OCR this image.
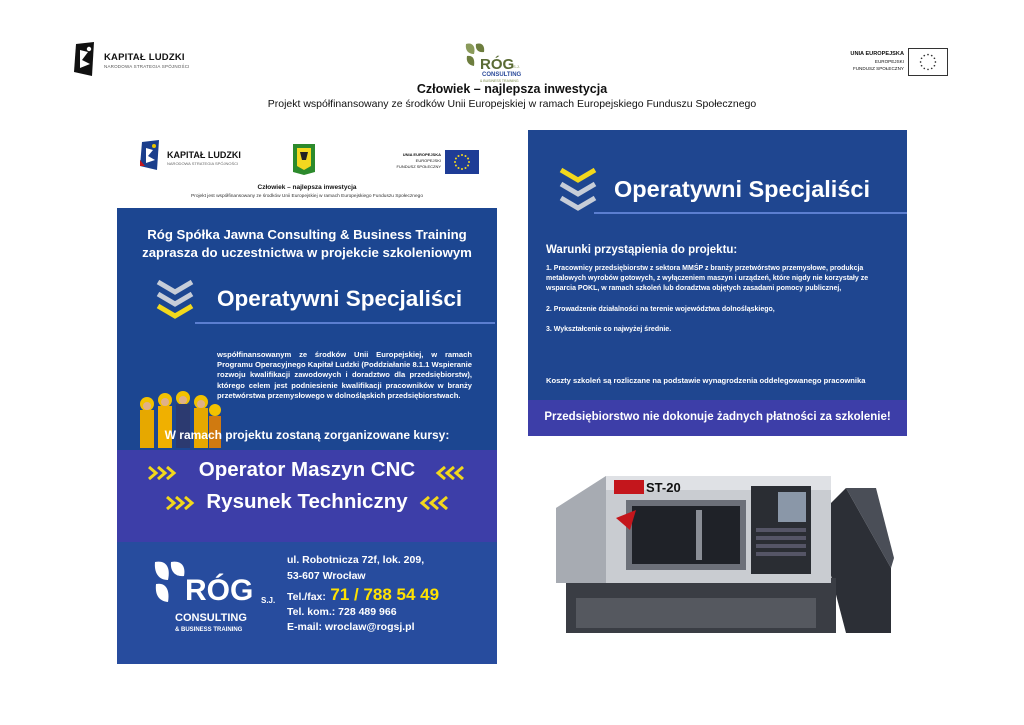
KAPITAŁ LUDZKI
NARODOWA STRATEGIA SPÓJNOŚCI	RÓG
S.J.
CONSULTING
& BUSINESS TRAINING
UNIA EUROPEJSKA
EUROPEJSKI
FUNDUSZ SPOŁECZNY
Człowiek – najlepsza inwestycja
Projekt współfinansowany ze środków Unii Europejskiej w ramach Europejskiego Funduszu Społecznego
KAPITAŁ LUDZKI
NARODOWA STRATEGIA SPÓJNOŚCI
UNIA EUROPEJSKA
EUROPEJSKI
FUNDUSZ SPOŁECZNY
Człowiek – najlepsza inwestycja
Projekt jest współfinansowany ze środków Unii Europejskiej w ramach Europejskiego Funduszu Społecznego
Róg Spółka Jawna Consulting & Business Training
zaprasza do uczestnictwa w projekcie szkoleniowym
Operatywni Specjaliści
współfinansowanym ze środków Unii Europejskiej, w ramach Programu Operacyjnego Kapitał Ludzki (Poddziałanie 8.1.1 Wspieranie rozwoju kwalifikacji zawodowych i doradztwo dla przedsiębiorstw), którego celem jest podniesienie kwalifikacji pracowników w branży przetwórstwa przemysłowego w dolnośląskich przedsiębiorstwach.
W ramach projektu zostaną zorganizowane kursy:
Operator Maszyn CNC
Rysunek Techniczny
RÓG S.J.
CONSULTING
& BUSINESS TRAINING
ul. Robotnicza 72f, lok. 209,
53-607 Wrocław
Tel./fax: 71 / 788 54 49
Tel. kom.: 728 489 966
E-mail: wroclaw@rogsj.pl
Operatywni Specjaliści
Warunki przystąpienia do projektu:

1. Pracownicy przedsiębiorstw z sektora MMŚP z branży przetwórstwo przemysłowe, produkcja metalowych wyrobów gotowych, z wyłączeniem maszyn i urządzeń, które nigdy nie korzystały ze wsparcia POKL, w ramach szkoleń lub doradztwa objętych zasadami pomocy publicznej,

2. Prowadzenie działalności na terenie województwa dolnośląskiego,

3. Wykształcenie co najwyżej średnie.

Koszty szkoleń są rozliczane na podstawie wynagrodzenia oddelegowanego pracownika
Przedsiębiorstwo nie dokonuje żadnych płatności za szkolenie!
ST-20
